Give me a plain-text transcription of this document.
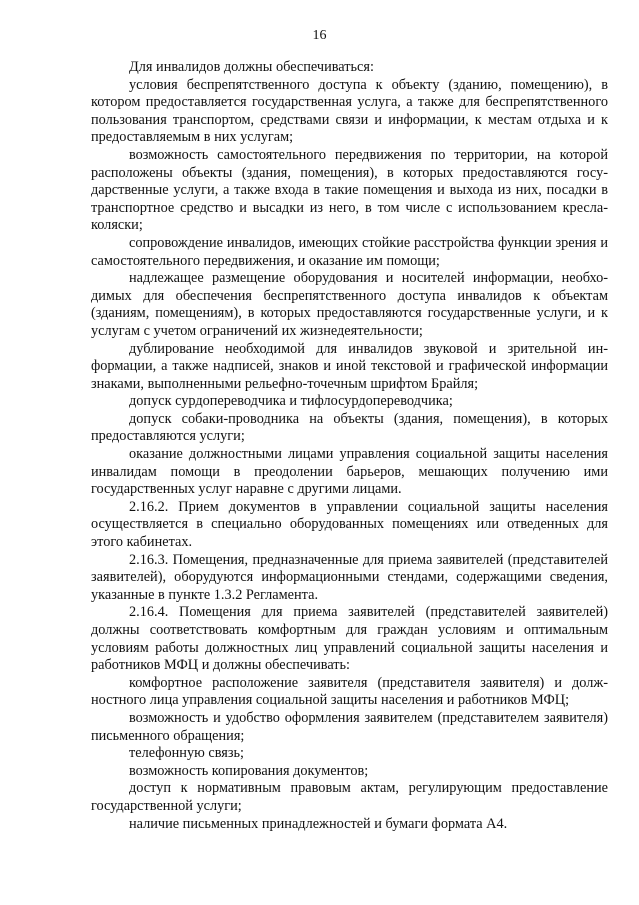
16

Для инвалидов должны обеспечиваться:

условия беспрепятственного доступа к объекту (зданию, помещению), в котором предоставляется государственная услуга, а также для беспрепятственного пользования транспортом, средствами связи и информации, к местам отдыха и к предоставляемым в них услугам;

возможность самостоятельного передвижения по территории, на которой расположены объекты (здания, помещения), в которых предоставляются государственные услуги, а также входа в такие помещения и выхода из них, посадки в транспортное средство и высадки из него, в том числе с использованием кресла-коляски;

сопровождение инвалидов, имеющих стойкие расстройства функции зрения и самостоятельного передвижения, и оказание им помощи;

надлежащее размещение оборудования и носителей информации, необходимых для обеспечения беспрепятственного доступа инвалидов к объектам (зданиям, помещениям), в которых предоставляются государственные услуги, и к услугам с учетом ограничений их жизнедеятельности;

дублирование необходимой для инвалидов звуковой и зрительной информации, а также надписей, знаков и иной текстовой и графической информации знаками, выполненными рельефно-точечным шрифтом Брайля;

допуск сурдопереводчика и тифлосурдопереводчика;

допуск собаки-проводника на объекты (здания, помещения), в которых предоставляются услуги;

оказание должностными лицами управления социальной защиты населения инвалидам помощи в преодолении барьеров, мешающих получению ими государственных услуг наравне с другими лицами.

2.16.2. Прием документов в управлении социальной защиты населения осуществляется в специально оборудованных помещениях или отведенных для этого кабинетах.

2.16.3. Помещения, предназначенные для приема заявителей (представителей заявителей), оборудуются информационными стендами, содержащими сведения, указанные в пункте 1.3.2 Регламента.

2.16.4. Помещения для приема заявителей (представителей заявителей) должны соответствовать комфортным для граждан условиям и оптимальным условиям работы должностных лиц управлений социальной защиты населения и работников МФЦ и должны обеспечивать:

комфортное расположение заявителя (представителя заявителя) и должностного лица управления социальной защиты населения и работников МФЦ;

возможность и удобство оформления заявителем (представителем заявителя) письменного обращения;

телефонную связь;

возможность копирования документов;

доступ к нормативным правовым актам, регулирующим предоставление государственной услуги;

наличие письменных принадлежностей и бумаги формата А4.
